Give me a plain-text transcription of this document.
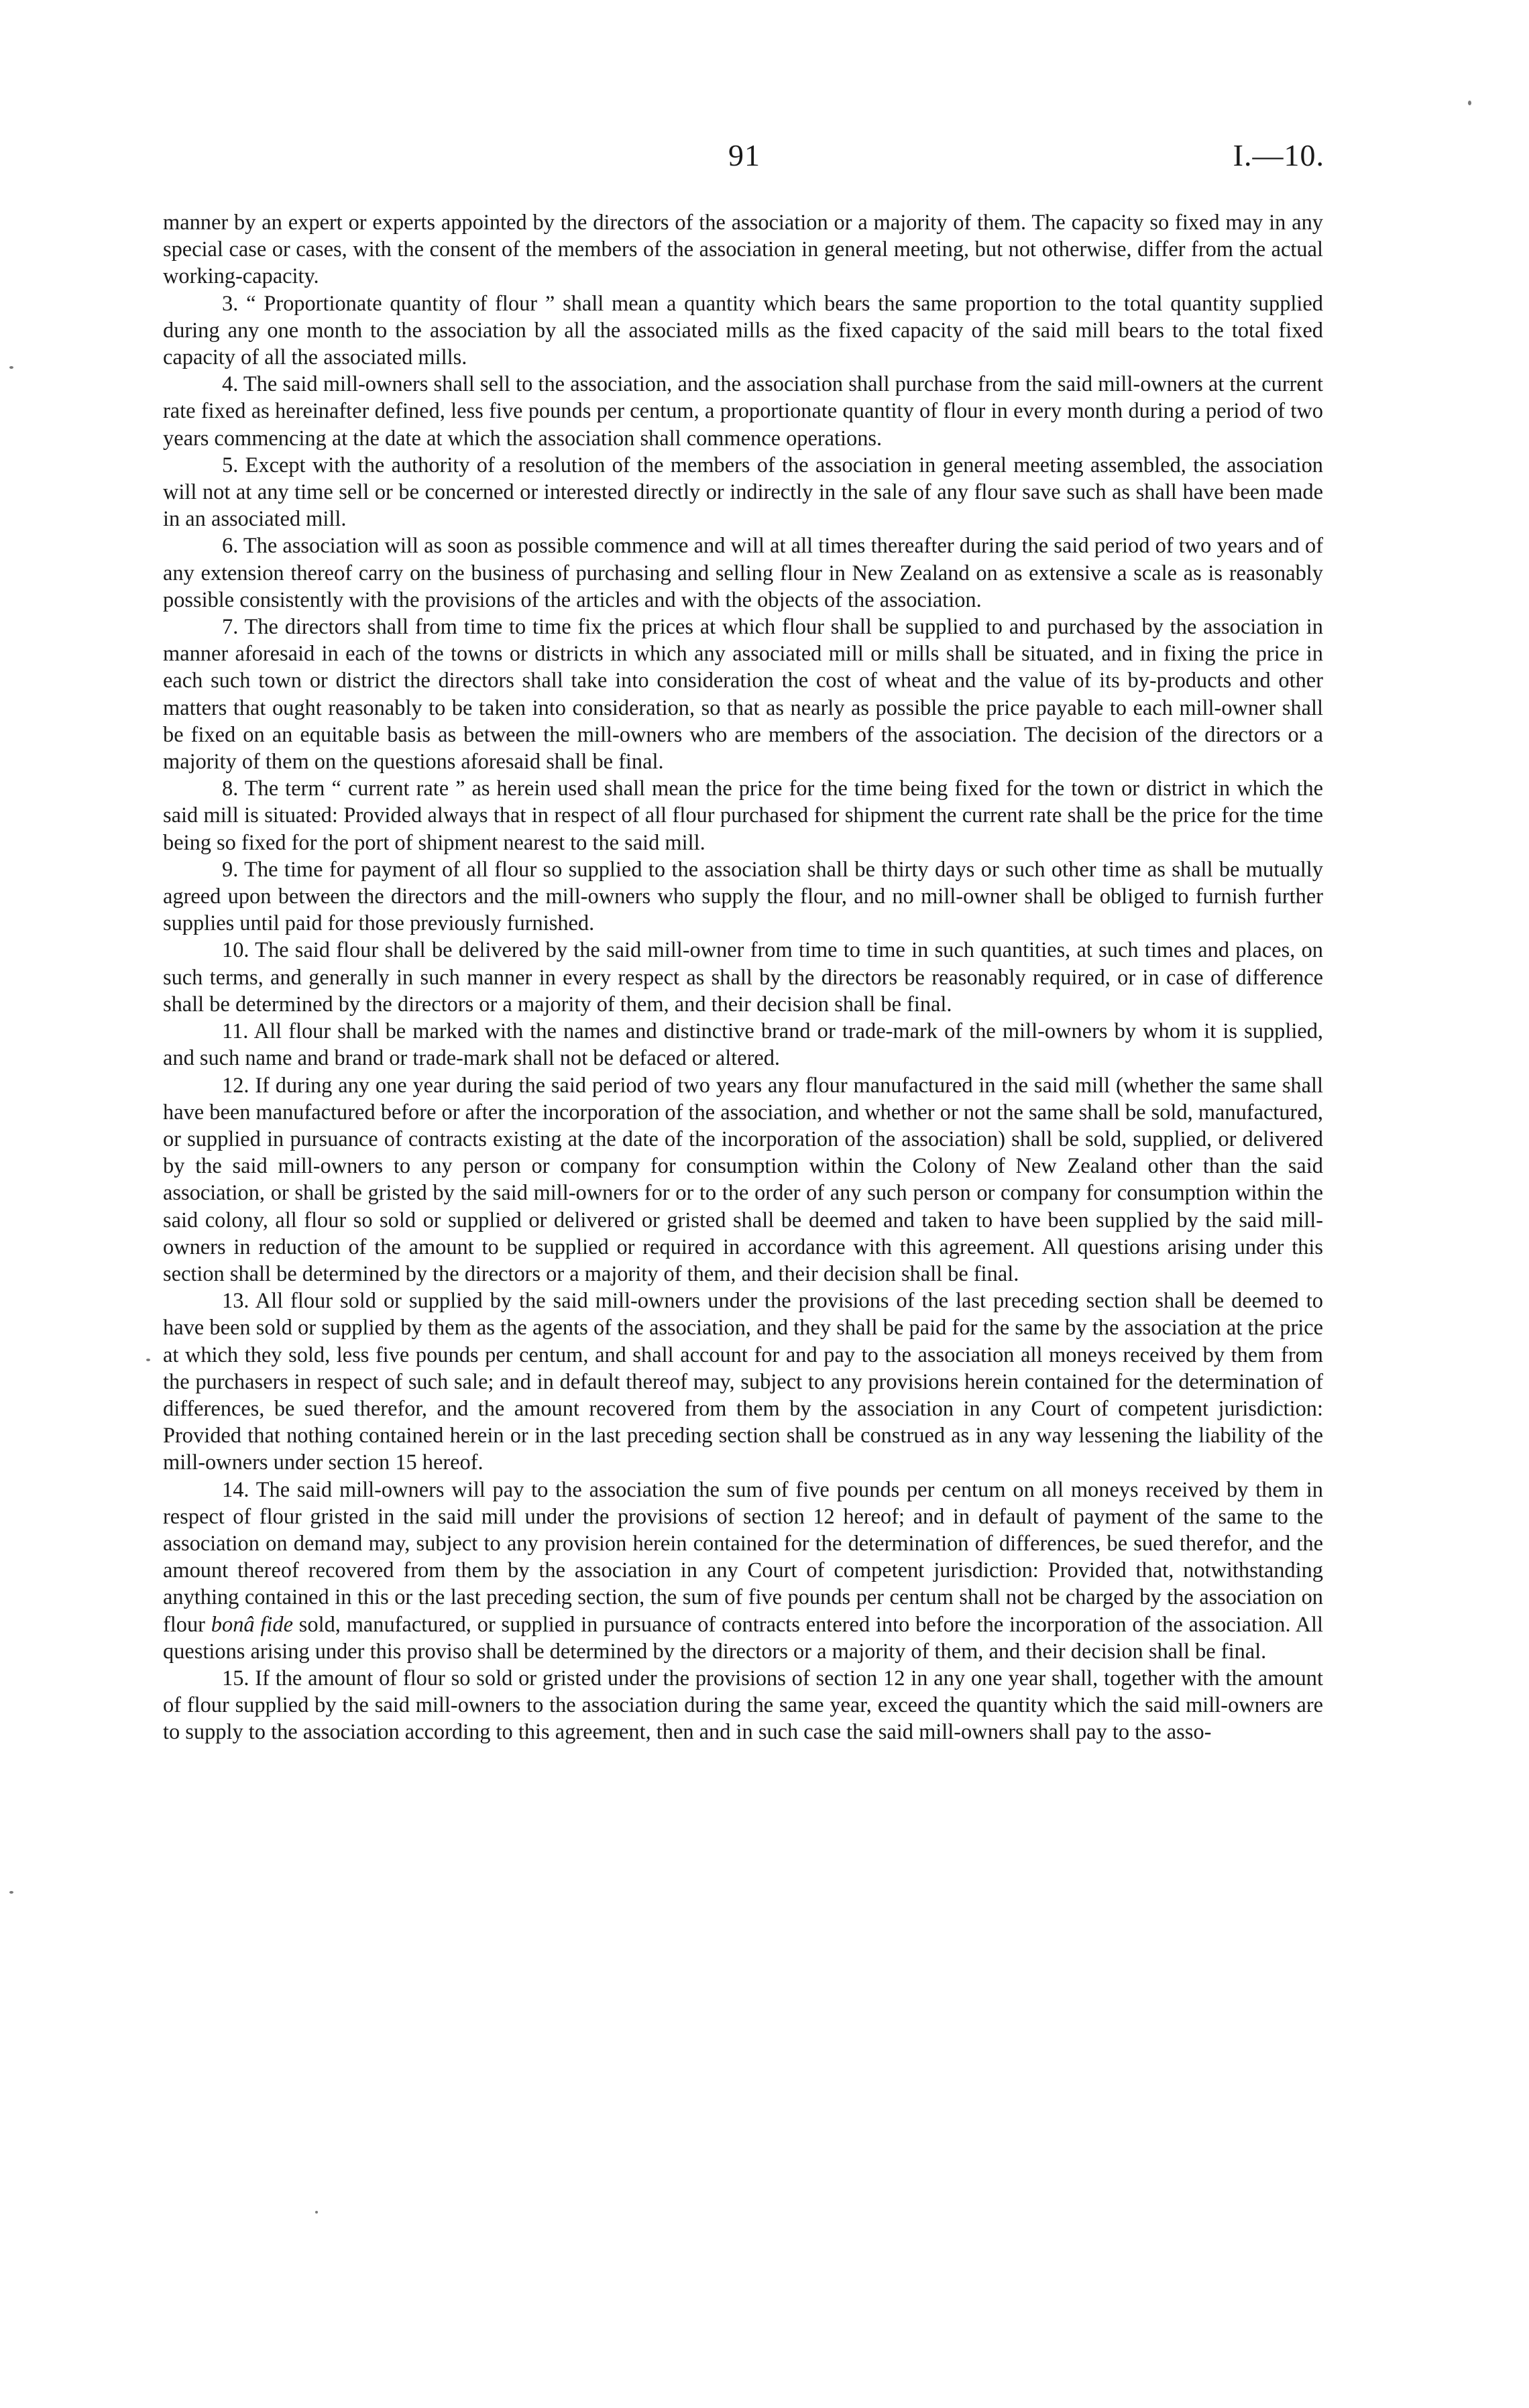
91	I.—10.

manner by an expert or experts appointed by the directors of the association or a majority of them. The capacity so fixed may in any special case or cases, with the consent of the members of the association in general meeting, but not otherwise, differ from the actual working-capacity.

3. “ Proportionate quantity of flour ” shall mean a quantity which bears the same proportion to the total quantity supplied during any one month to the association by all the associated mills as the fixed capacity of the said mill bears to the total fixed capacity of all the associated mills.

4. The said mill-owners shall sell to the association, and the association shall purchase from the said mill-owners at the current rate fixed as hereinafter defined, less five pounds per centum, a proportionate quantity of flour in every month during a period of two years commencing at the date at which the association shall commence operations.

5. Except with the authority of a resolution of the members of the association in general meeting assembled, the association will not at any time sell or be concerned or interested directly or indirectly in the sale of any flour save such as shall have been made in an associated mill.

6. The association will as soon as possible commence and will at all times thereafter during the said period of two years and of any extension thereof carry on the business of purchasing and selling flour in New Zealand on as extensive a scale as is reasonably possible consistently with the provisions of the articles and with the objects of the association.

7. The directors shall from time to time fix the prices at which flour shall be supplied to and purchased by the association in manner aforesaid in each of the towns or districts in which any associated mill or mills shall be situated, and in fixing the price in each such town or district the directors shall take into consideration the cost of wheat and the value of its by-products and other matters that ought reasonably to be taken into consideration, so that as nearly as possible the price payable to each mill-owner shall be fixed on an equitable basis as between the mill-owners who are members of the association. The decision of the directors or a majority of them on the questions aforesaid shall be final.

8. The term “ current rate ” as herein used shall mean the price for the time being fixed for the town or district in which the said mill is situated: Provided always that in respect of all flour purchased for shipment the current rate shall be the price for the time being so fixed for the port of shipment nearest to the said mill.

9. The time for payment of all flour so supplied to the association shall be thirty days or such other time as shall be mutually agreed upon between the directors and the mill-owners who supply the flour, and no mill-owner shall be obliged to furnish further supplies until paid for those previously furnished.

10. The said flour shall be delivered by the said mill-owner from time to time in such quantities, at such times and places, on such terms, and generally in such manner in every respect as shall by the directors be reasonably required, or in case of difference shall be determined by the directors or a majority of them, and their decision shall be final.

11. All flour shall be marked with the names and distinctive brand or trade-mark of the mill-owners by whom it is supplied, and such name and brand or trade-mark shall not be defaced or altered.

12. If during any one year during the said period of two years any flour manufactured in the said mill (whether the same shall have been manufactured before or after the incorporation of the association, and whether or not the same shall be sold, manufactured, or supplied in pursuance of contracts existing at the date of the incorporation of the association) shall be sold, supplied, or delivered by the said mill-owners to any person or company for consumption within the Colony of New Zealand other than the said association, or shall be gristed by the said mill-owners for or to the order of any such person or company for consumption within the said colony, all flour so sold or supplied or delivered or gristed shall be deemed and taken to have been supplied by the said mill-owners in reduction of the amount to be supplied or required in accordance with this agreement. All questions arising under this section shall be determined by the directors or a majority of them, and their decision shall be final.

13. All flour sold or supplied by the said mill-owners under the provisions of the last preceding section shall be deemed to have been sold or supplied by them as the agents of the association, and they shall be paid for the same by the association at the price at which they sold, less five pounds per centum, and shall account for and pay to the association all moneys received by them from the purchasers in respect of such sale; and in default thereof may, subject to any provisions herein contained for the determination of differences, be sued therefor, and the amount recovered from them by the association in any Court of competent jurisdiction: Provided that nothing contained herein or in the last preceding section shall be construed as in any way lessening the liability of the mill-owners under section 15 hereof.

14. The said mill-owners will pay to the association the sum of five pounds per centum on all moneys received by them in respect of flour gristed in the said mill under the provisions of section 12 hereof; and in default of payment of the same to the association on demand may, subject to any provision herein contained for the determination of differences, be sued therefor, and the amount thereof recovered from them by the association in any Court of competent jurisdiction: Provided that, notwithstanding anything contained in this or the last preceding section, the sum of five pounds per centum shall not be charged by the association on flour bonâ fide sold, manufactured, or supplied in pursuance of contracts entered into before the incorporation of the association. All questions arising under this proviso shall be determined by the directors or a majority of them, and their decision shall be final.

15. If the amount of flour so sold or gristed under the provisions of section 12 in any one year shall, together with the amount of flour supplied by the said mill-owners to the association during the same year, exceed the quantity which the said mill-owners are to supply to the association according to this agreement, then and in such case the said mill-owners shall pay to the asso-
